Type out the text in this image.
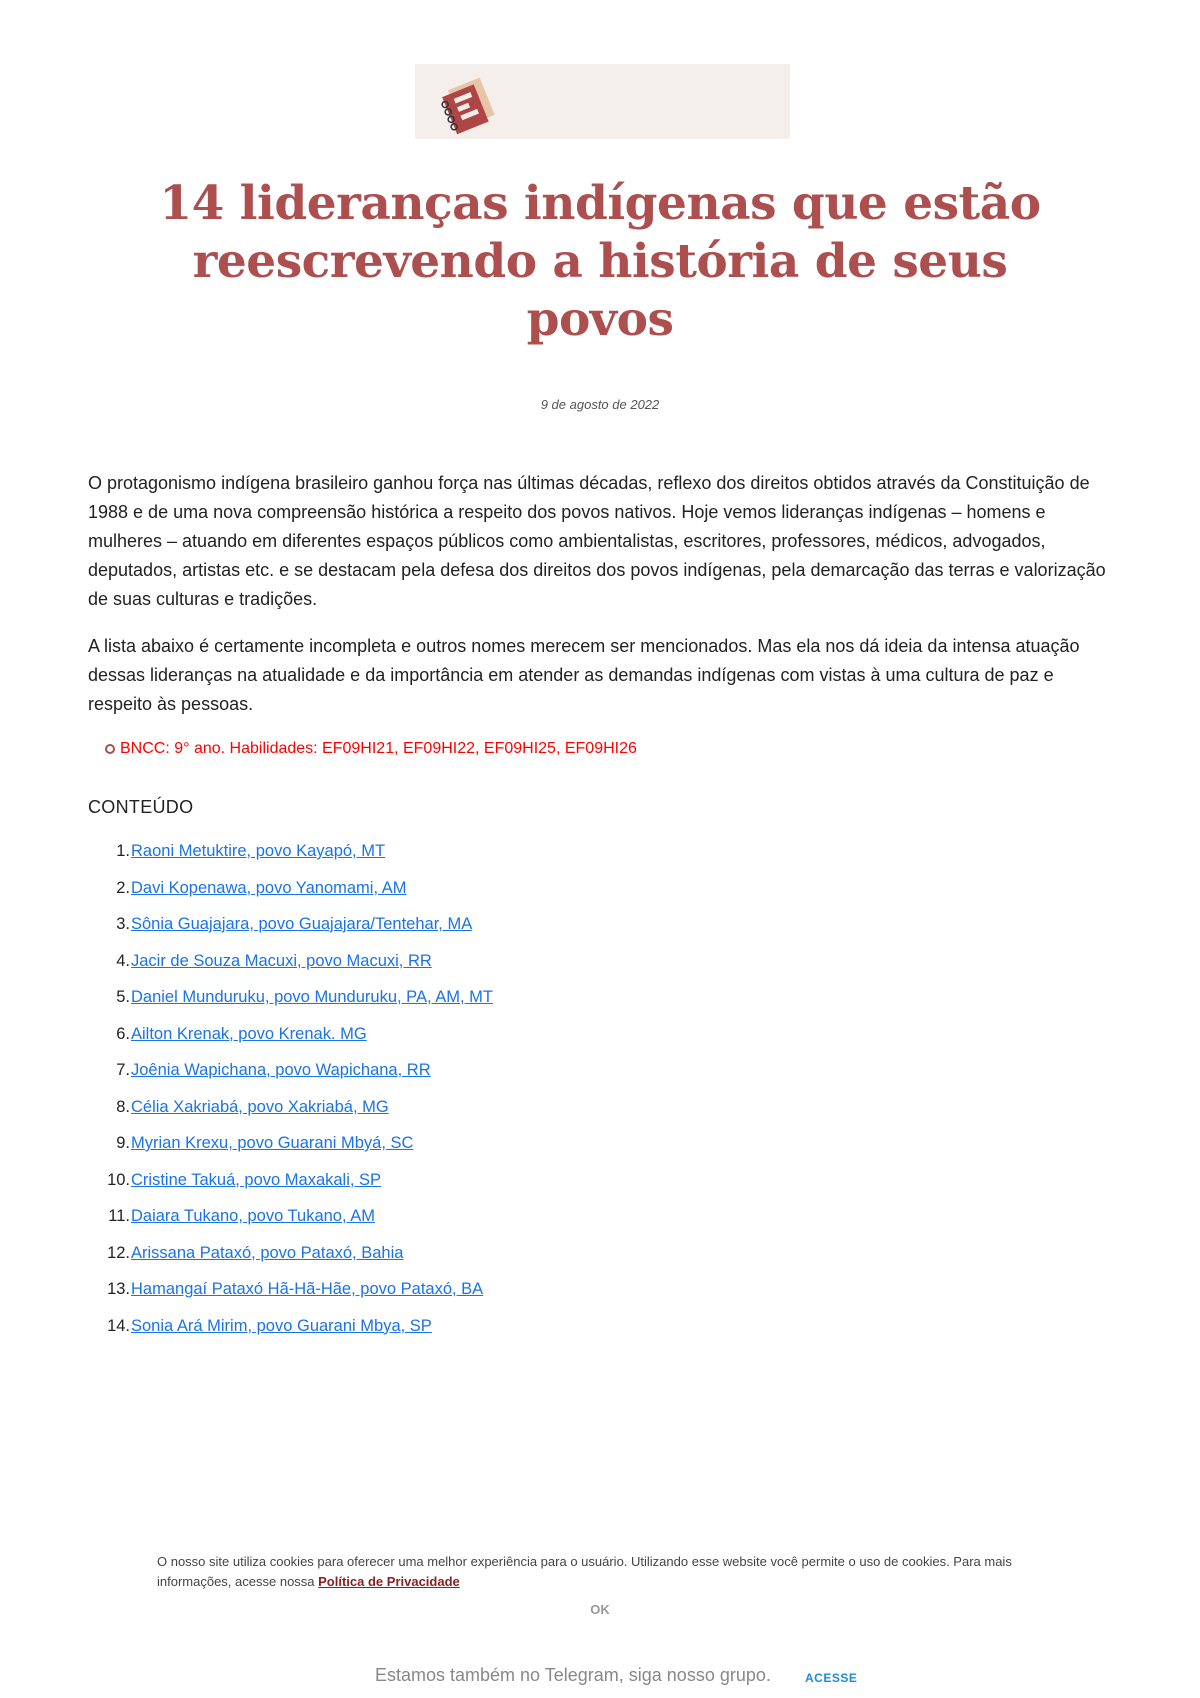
14 lideranças indígenas que estão reescrevendo a história de seus povos
9 de agosto de 2022

O protagonismo indígena brasileiro ganhou força nas últimas décadas, reflexo dos direitos obtidos através da Constituição de 1988 e de uma nova compreensão histórica a respeito dos povos nativos. Hoje vemos lideranças indígenas – homens e mulheres – atuando em diferentes espaços públicos como ambientalistas, escritores, professores, médicos, advogados, deputados, artistas etc. e se destacam pela defesa dos direitos dos povos indígenas, pela demarcação das terras e valorização de suas culturas e tradições.

A lista abaixo é certamente incompleta e outros nomes merecem ser mencionados. Mas ela nos dá ideia da intensa atuação dessas lideranças na atualidade e da importância em atender as demandas indígenas com vistas à uma cultura de paz e respeito às pessoas.

BNCC: 9° ano. Habilidades: EF09HI21, EF09HI22, EF09HI25, EF09HI26
CONTEÚDO
1. Raoni Metuktire, povo Kayapó, MT
2. Davi Kopenawa, povo Yanomami, AM
3. Sônia Guajajara, povo Guajajara/Tentehar, MA
4. Jacir de Souza Macuxi, povo Macuxi, RR
5. Daniel Munduruku, povo Munduruku, PA, AM, MT
6. Ailton Krenak, povo Krenak. MG
7. Joênia Wapichana, povo Wapichana, RR
8. Célia Xakriabá, povo Xakriabá, MG
9. Myrian Krexu, povo Guarani Mbyá, SC
10. Cristine Takuá, povo Maxakali, SP
11. Daiara Tukano, povo Tukano, AM
12. Arissana Pataxó, povo Pataxó, Bahia
13. Hamangaí Pataxó Hã-Hã-Hãe, povo Pataxó, BA
14. Sonia Ará Mirim, povo Guarani Mbya, SP
O nosso site utiliza cookies para oferecer uma melhor experiência para o usuário. Utilizando esse website você permite o uso de cookies. Para mais informações, acesse nossa Política de Privacidade
OK
Estamos também no Telegram, siga nosso grupo.	ACESSE
